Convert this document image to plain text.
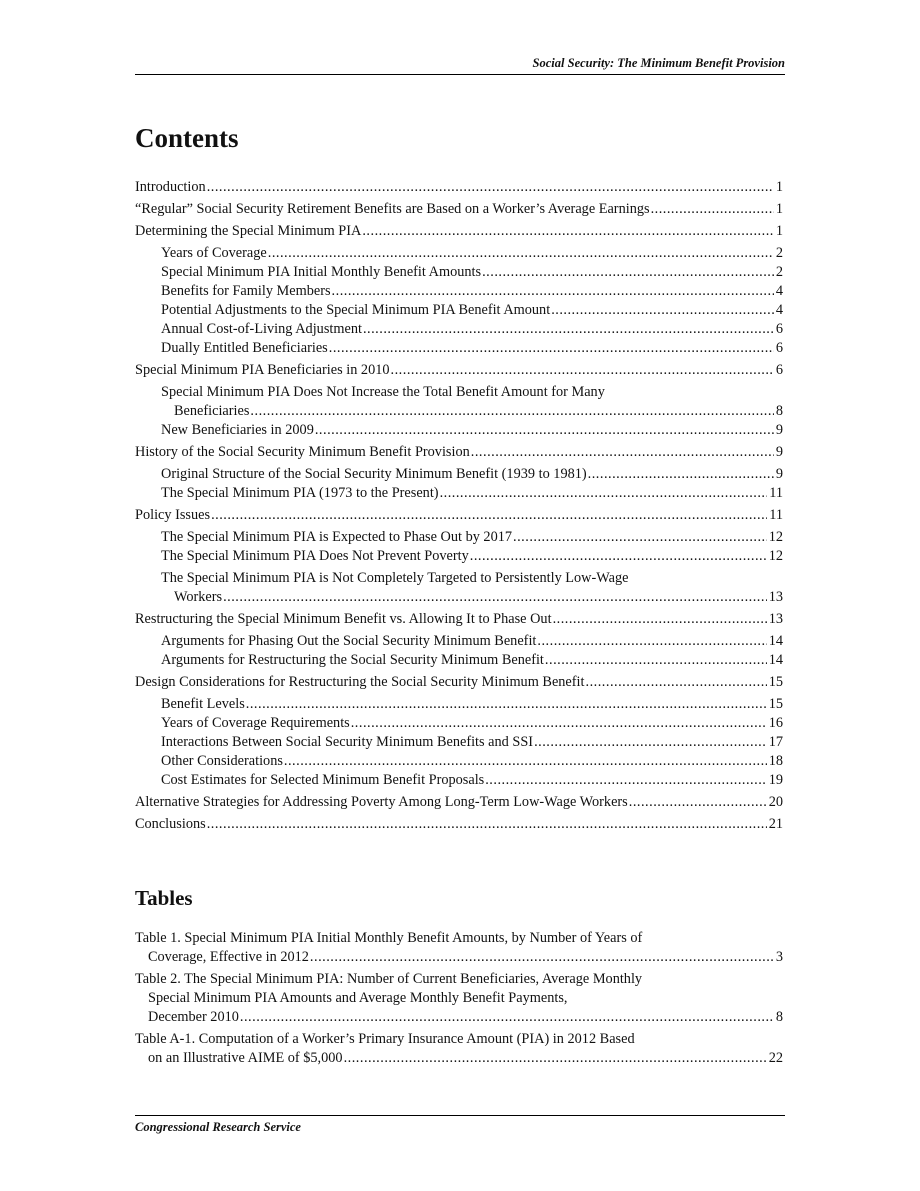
Social Security: The Minimum Benefit Provision
Contents
Introduction .....	1
“Regular” Social Security Retirement Benefits are Based on a Worker’s Average Earnings .....	1
Determining the Special Minimum PIA .....	1
Years of Coverage .....	2
Special Minimum PIA Initial Monthly Benefit Amounts .....	2
Benefits for Family Members .....	4
Potential Adjustments to the Special Minimum PIA Benefit Amount .....	4
Annual Cost-of-Living Adjustment .....	6
Dually Entitled Beneficiaries .....	6
Special Minimum PIA Beneficiaries in 2010 .....	6
Special Minimum PIA Does Not Increase the Total Benefit Amount for Many
Beneficiaries .....	8
New Beneficiaries in 2009 .....	9
History of the Social Security Minimum Benefit Provision .....	9
Original Structure of the Social Security Minimum Benefit (1939 to 1981) .....	9
The Special Minimum PIA (1973 to the Present) .....	11
Policy Issues .....	11
The Special Minimum PIA is Expected to Phase Out by 2017 .....	12
The Special Minimum PIA Does Not Prevent Poverty .....	12
The Special Minimum PIA is Not Completely Targeted to Persistently Low-Wage
Workers .....	13
Restructuring the Special Minimum Benefit vs. Allowing It to Phase Out .....	13
Arguments for Phasing Out the Social Security Minimum Benefit .....	14
Arguments for Restructuring the Social Security Minimum Benefit .....	14
Design Considerations for Restructuring the Social Security Minimum Benefit .....	15
Benefit Levels .....	15
Years of Coverage Requirements .....	16
Interactions Between Social Security Minimum Benefits and SSI .....	17
Other Considerations .....	18
Cost Estimates for Selected Minimum Benefit Proposals .....	19
Alternative Strategies for Addressing Poverty Among Long-Term Low-Wage Workers .....	20
Conclusions .....	21
Tables
Table 1. Special Minimum PIA Initial Monthly Benefit Amounts, by Number of Years of
Coverage, Effective in 2012 .....	3
Table 2. The Special Minimum PIA: Number of Current Beneficiaries, Average Monthly
Special Minimum PIA Amounts and Average Monthly Benefit Payments,
December 2010 .....	8
Table A-1. Computation of a Worker’s Primary Insurance Amount (PIA) in 2012 Based
on an Illustrative AIME of $5,000 .....	22
Congressional Research Service
